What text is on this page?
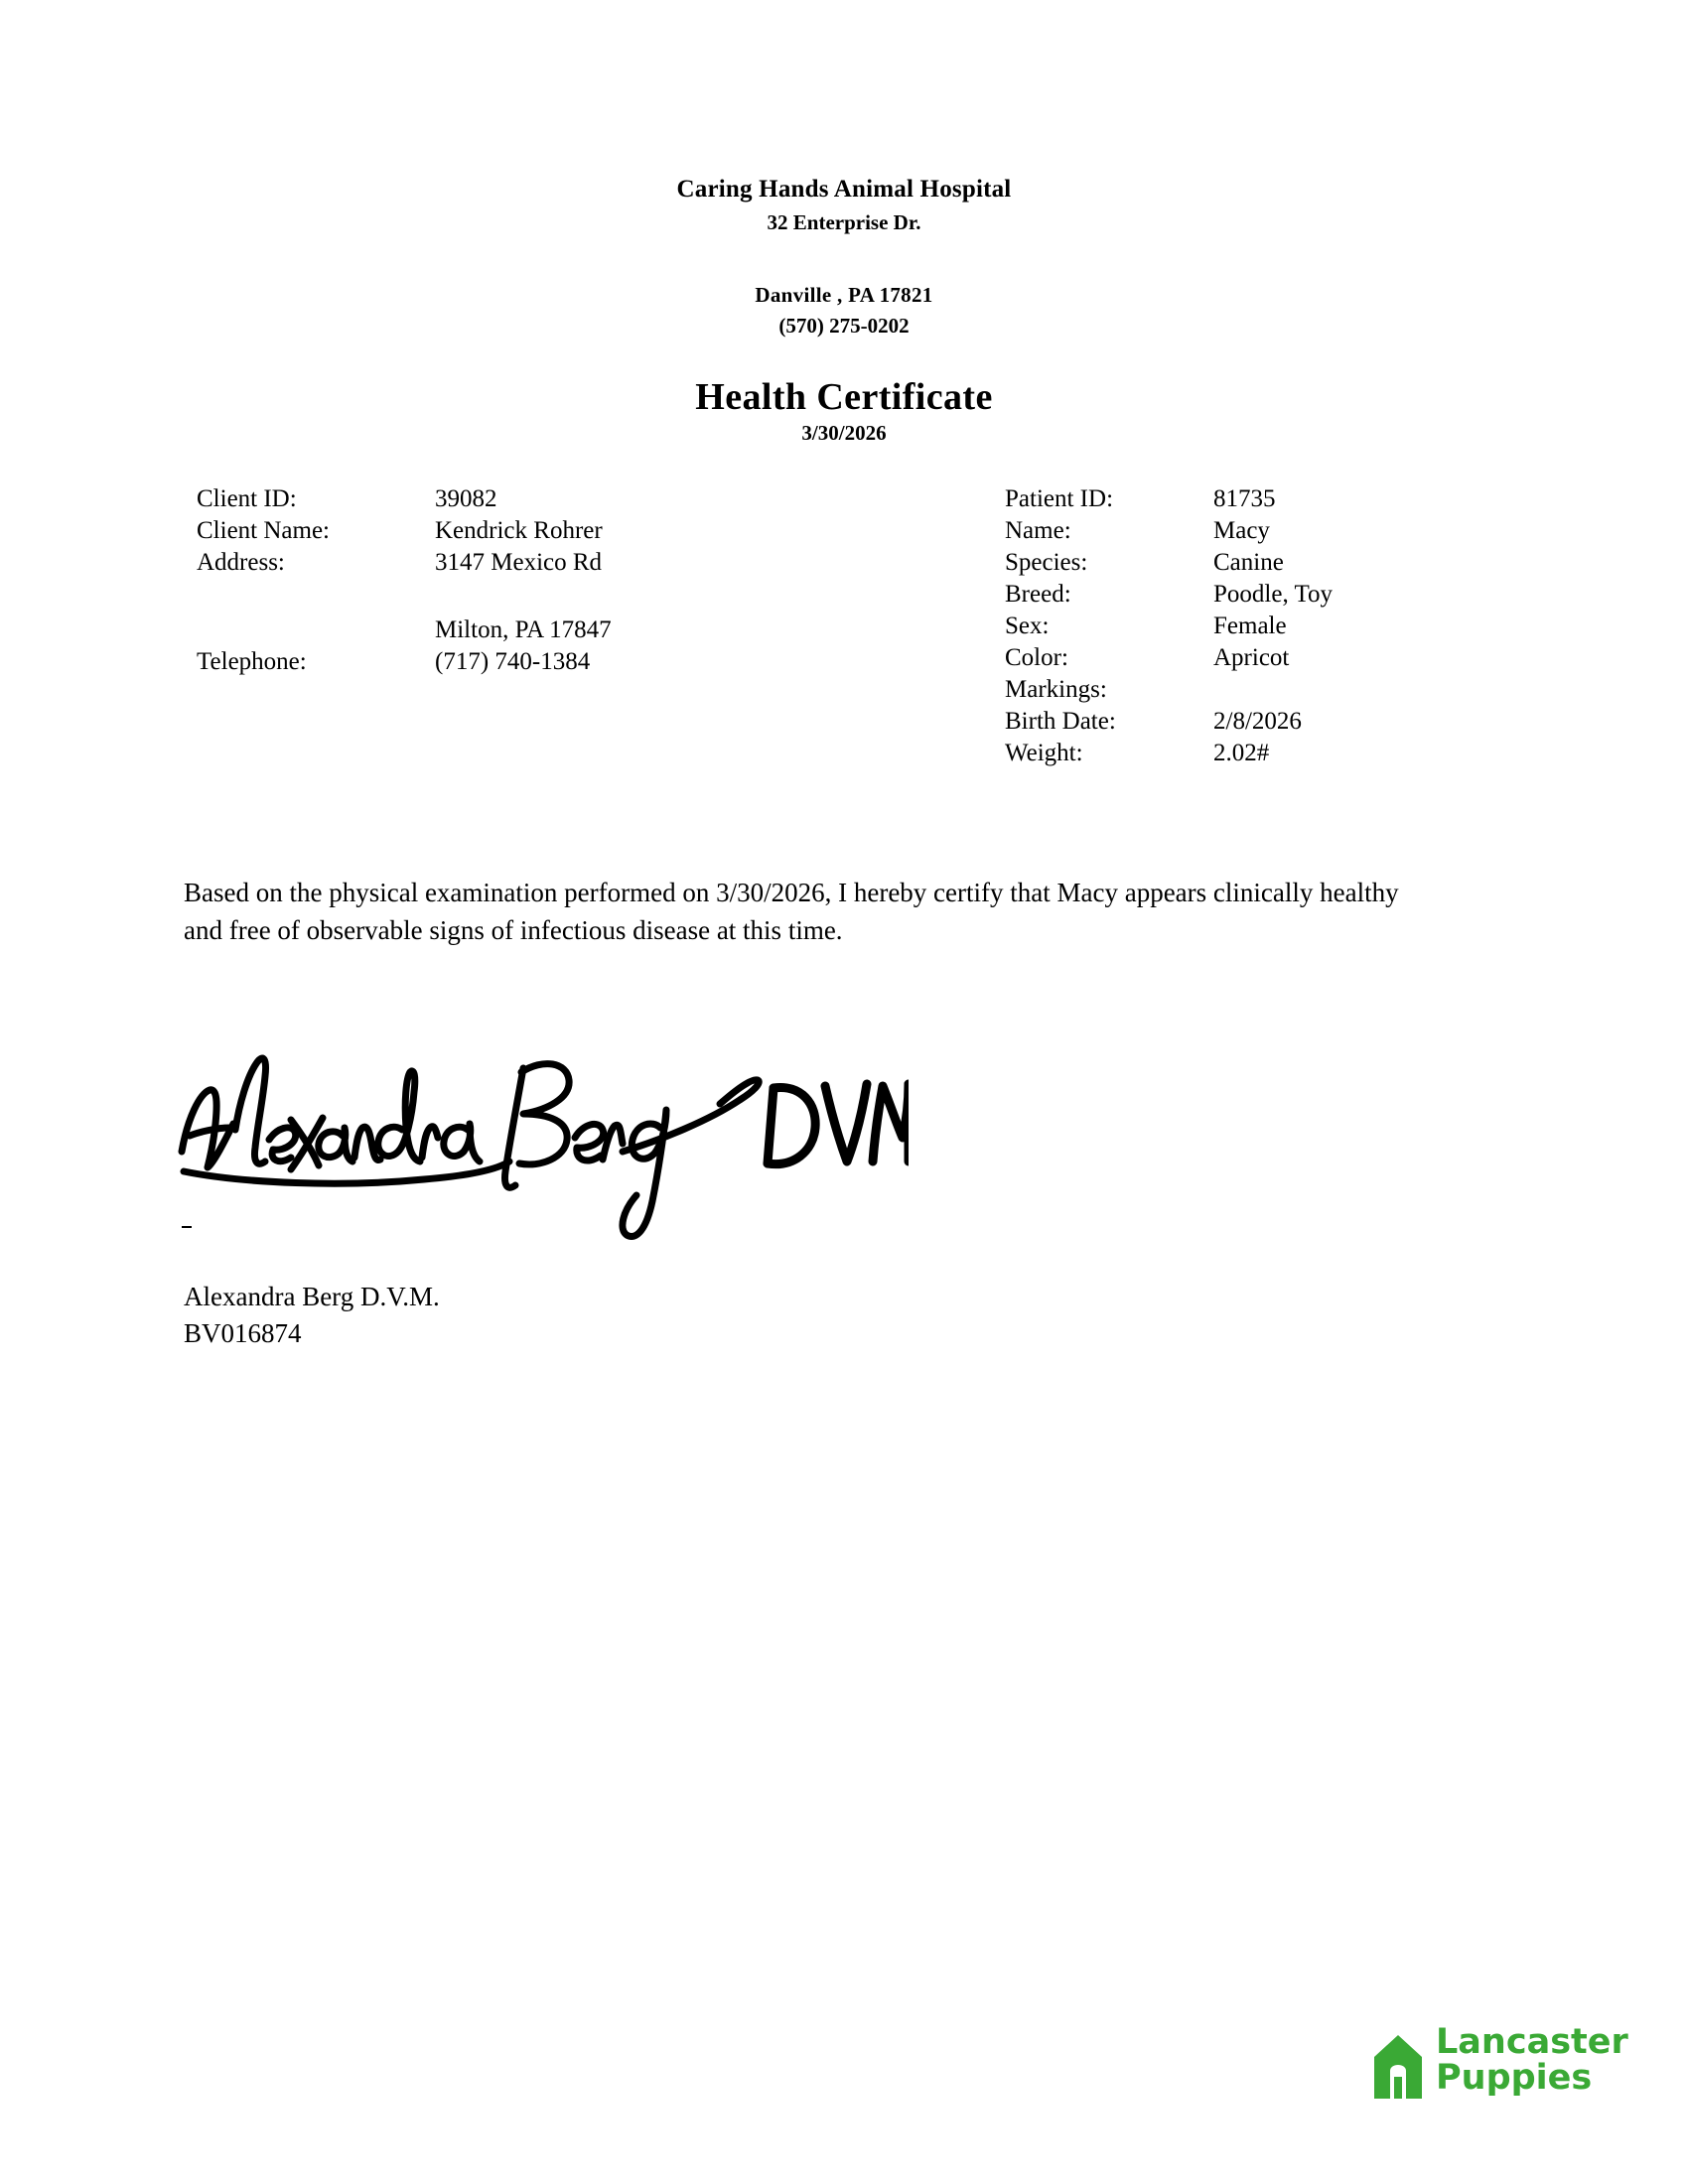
Caring Hands Animal Hospital
32 Enterprise Dr.
Danville , PA 17821
(570) 275-0202
Health Certificate
3/30/2026
Client ID:	39082
Client Name:	Kendrick Rohrer
Address:	3147 Mexico Rd
Milton, PA 17847
Telephone:	(717) 740-1384
Patient ID:	81735
Name:	Macy
Species:	Canine
Breed:	Poodle, Toy
Sex:	Female
Color:	Apricot
Markings:
Birth Date:	2/8/2026
Weight:	2.02#
Based on the physical examination performed on 3/30/2026, I hereby certify that Macy appears clinically healthy and free of observable signs of infectious disease at this time.
Alexandra Berg D.V.M.
BV016874
Lancaster
Puppies
